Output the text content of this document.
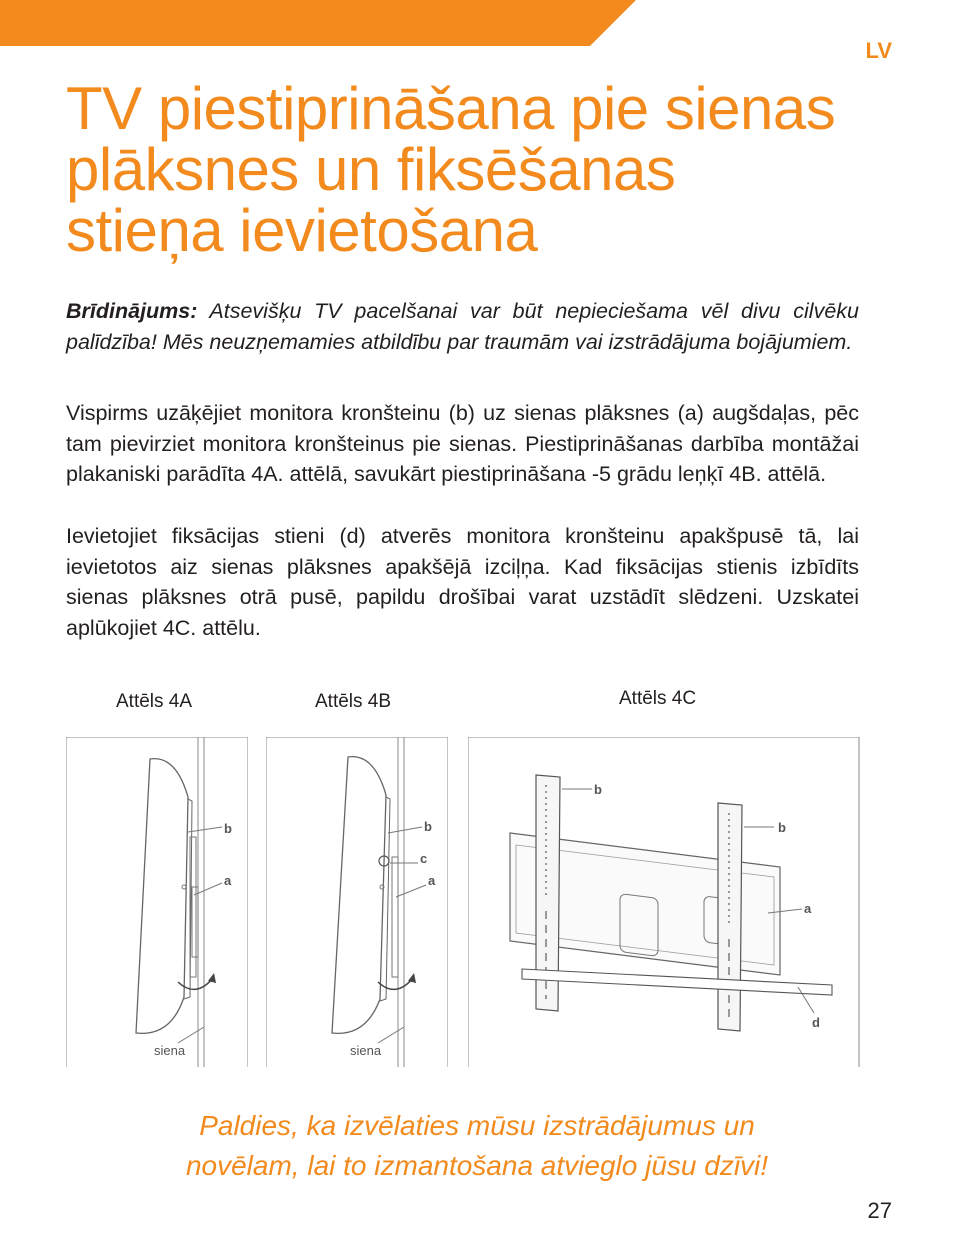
LV
TV piestiprināšana pie sienas
plāksnes un fiksēšanas
stieņa ievietošana

Brīdinājums: Atsevišķu TV pacelšanai var būt nepieciešama vēl divu cilvēku palīdzība! Mēs neuzņemamies atbildību par traumām vai izstrādājuma bojājumiem.

Vispirms uzāķējiet monitora kronšteinu (b) uz sienas plāksnes (a) augšdaļas, pēc tam pievirziet monitora kronšteinus pie sienas. Piestiprināšanas darbība montāžai plakaniski parādīta 4A. attēlā, savukārt piestiprināšana -5 grādu leņķī 4B. attēlā.

Ievietojiet fiksācijas stieni (d) atverēs monitora kronšteinu apakšpusē tā, lai ievietotos aiz sienas plāksnes apakšējā izciļņa. Kad fiksācijas stienis izbīdīts sienas plāksnes otrā pusē, papildu drošībai varat uzstādīt slēdzeni. Uzskatei aplūkojiet 4C. attēlu.

Attēls 4A	Attēls 4B	Attēls 4C
b
a
siena
b
c
a
siena
b
b
a
d
Paldies, ka izvēlaties mūsu izstrādājumus un
novēlam, lai to izmantošana atvieglo jūsu dzīvi!
27
